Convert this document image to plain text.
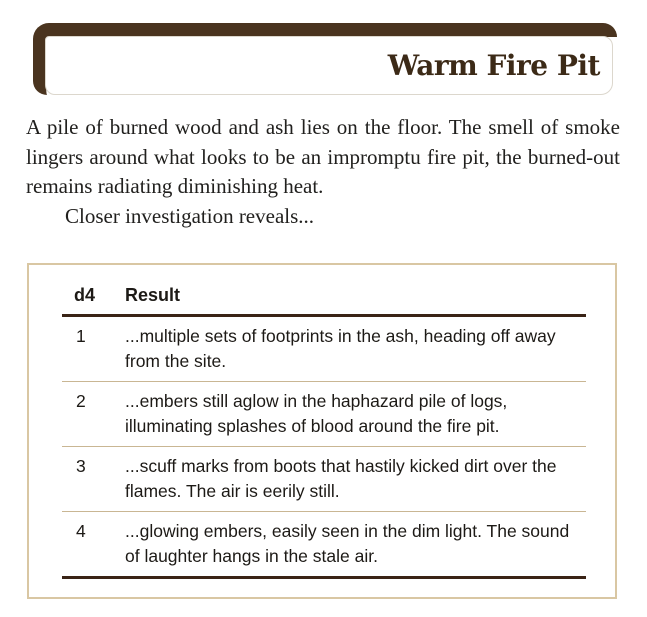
Warm Fire Pit

A pile of burned wood and ash lies on the floor. The smell of smoke lingers around what looks to be an impromptu fire pit, the burned-out remains radiating diminishing heat.

Closer investigation reveals...

d4	Result
1	...multiple sets of footprints in the ash, heading off away from the site.
2	...embers still aglow in the haphazard pile of logs, illuminating splashes of blood around the fire pit.
3	...scuff marks from boots that hastily kicked dirt over the flames. The air is eerily still.
4	...glowing embers, easily seen in the dim light. The sound of laughter hangs in the stale air.
